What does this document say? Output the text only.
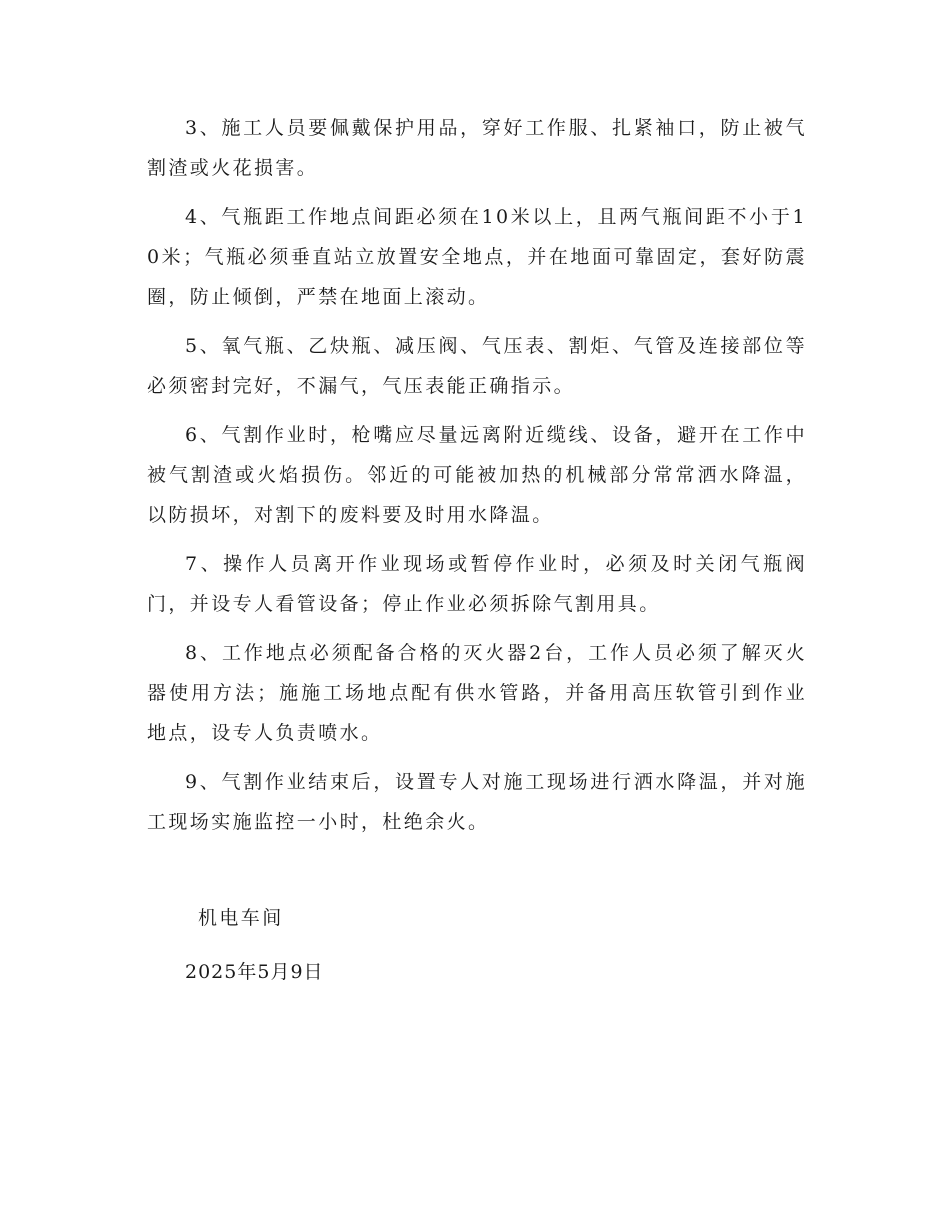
3、施工人员要佩戴保护用品，穿好工作服、扎紧袖口，防止被气割渣或火花损害。

4、气瓶距工作地点间距必须在10米以上，且两气瓶间距不小于10米；气瓶必须垂直站立放置安全地点，并在地面可靠固定，套好防震圈，防止倾倒，严禁在地面上滚动。

5、氧气瓶、乙炔瓶、减压阀、气压表、割炬、气管及连接部位等必须密封完好，不漏气，气压表能正确指示。

6、气割作业时，枪嘴应尽量远离附近缆线、设备，避开在工作中被气割渣或火焰损伤。邻近的可能被加热的机械部分常常洒水降温，以防损坏，对割下的废料要及时用水降温。

7、操作人员离开作业现场或暂停作业时，必须及时关闭气瓶阀门，并设专人看管设备；停止作业必须拆除气割用具。

8、工作地点必须配备合格的灭火器2台，工作人员必须了解灭火器使用方法；施施工场地点配有供水管路，并备用高压软管引到作业地点，设专人负责喷水。

9、气割作业结束后，设置专人对施工现场进行洒水降温，并对施工现场实施监控一小时，杜绝余火。

机电车间

2025年5月9日
